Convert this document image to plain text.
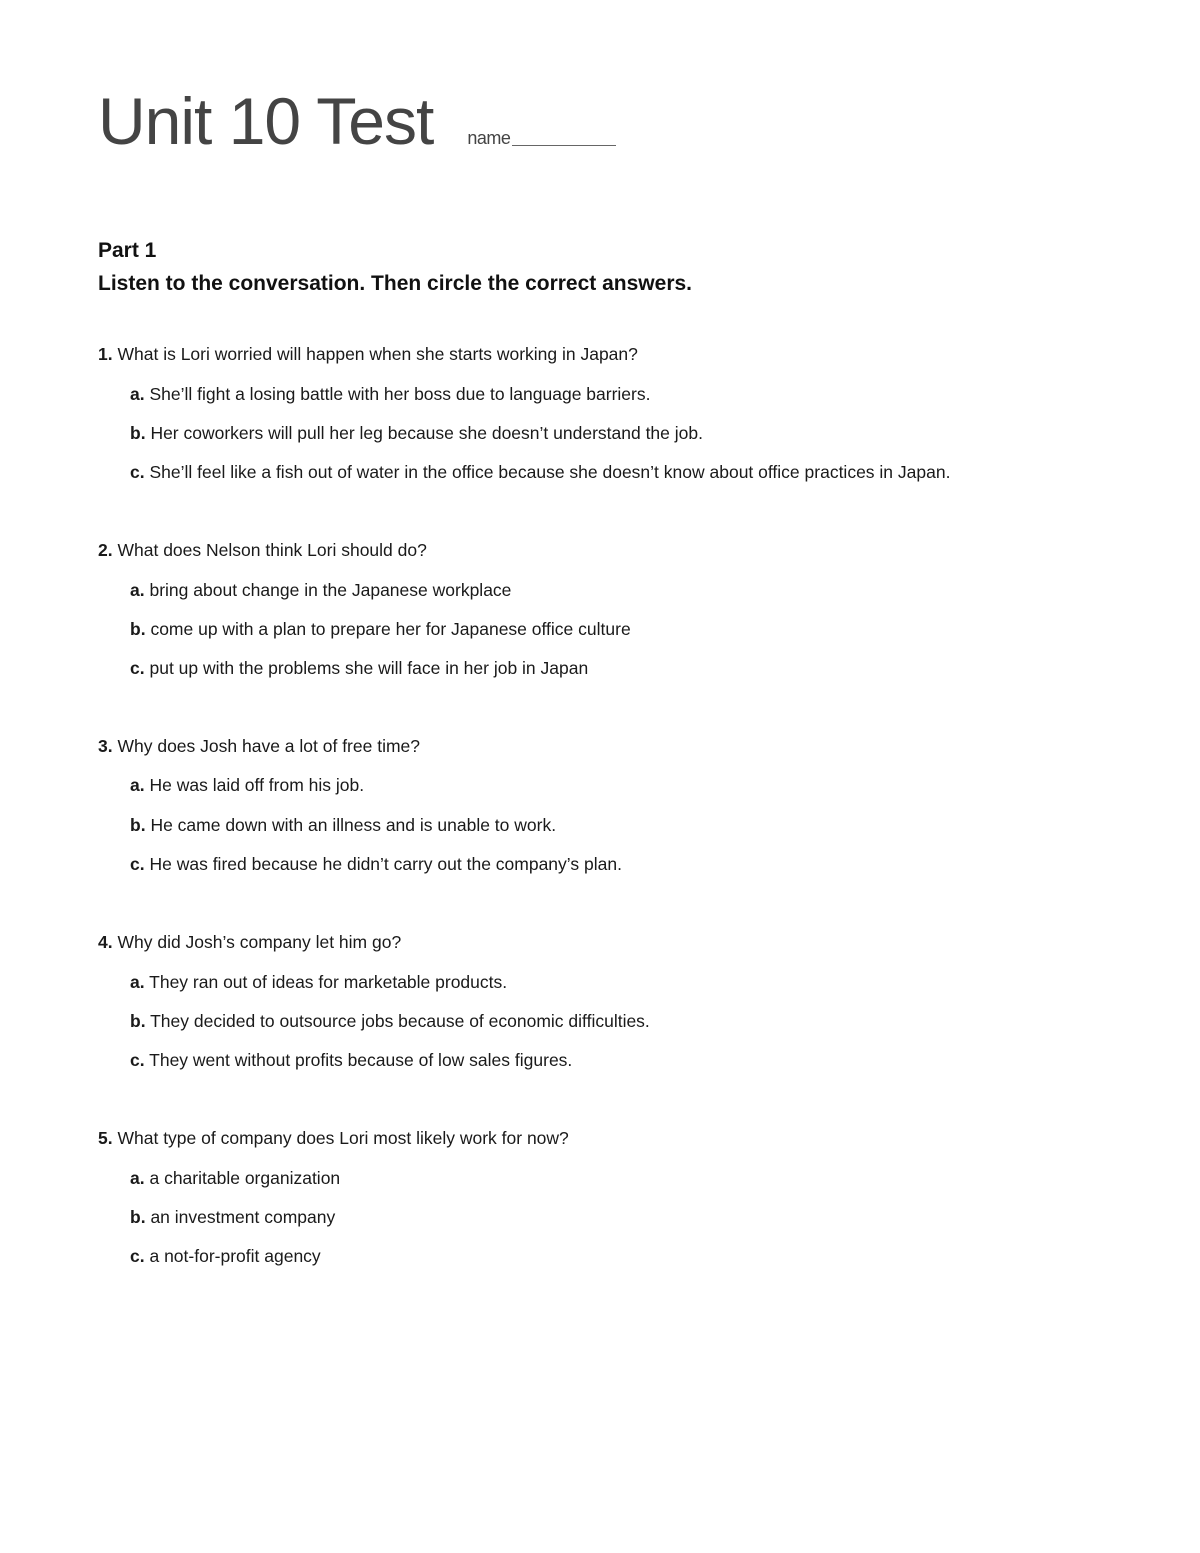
Unit 10 Test name
Part 1
Listen to the conversation. Then circle the correct answers.
1. What is Lori worried will happen when she starts working in Japan?
a. She’ll fight a losing battle with her boss due to language barriers.
b. Her coworkers will pull her leg because she doesn’t understand the job.
c. She’ll feel like a fish out of water in the office because she doesn’t know about office practices in Japan.
2. What does Nelson think Lori should do?
a. bring about change in the Japanese workplace
b. come up with a plan to prepare her for Japanese office culture
c. put up with the problems she will face in her job in Japan
3. Why does Josh have a lot of free time?
a. He was laid off from his job.
b. He came down with an illness and is unable to work.
c. He was fired because he didn’t carry out the company’s plan.
4. Why did Josh’s company let him go?
a. They ran out of ideas for marketable products.
b. They decided to outsource jobs because of economic difficulties.
c. They went without profits because of low sales figures.
5. What type of company does Lori most likely work for now?
a. a charitable organization
b. an investment company
c. a not-for-profit agency
